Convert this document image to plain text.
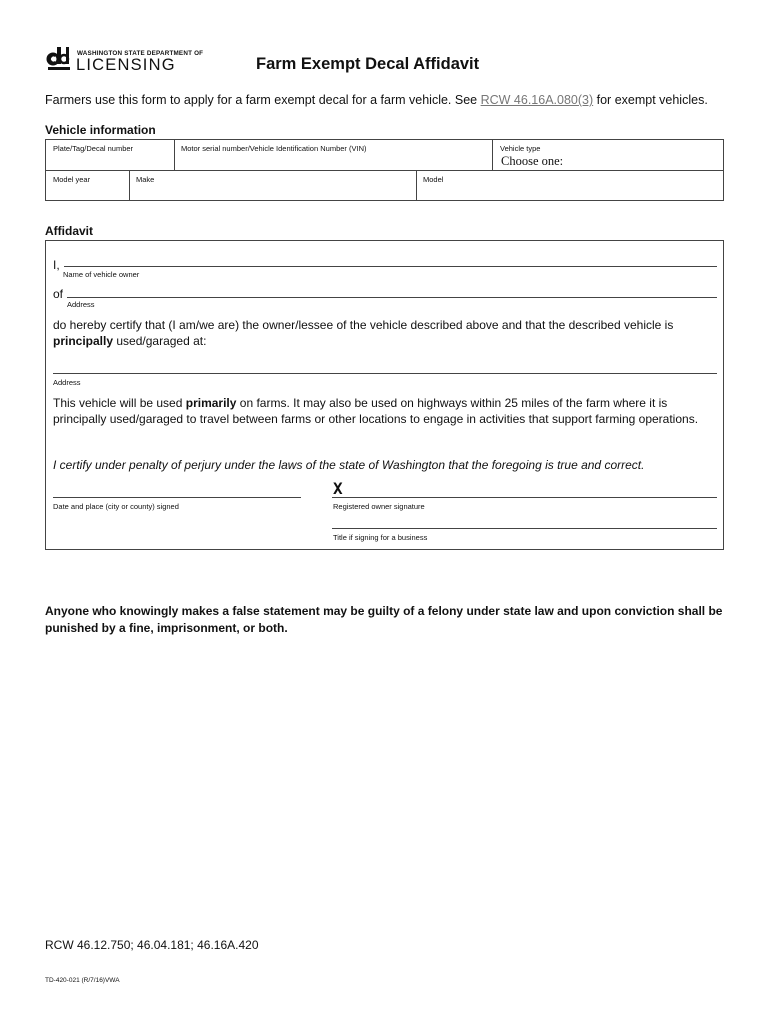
WASHINGTON STATE DEPARTMENT OF
LICENSING	Farm Exempt Decal Affidavit
Farmers use this form to apply for a farm exempt decal for a farm vehicle. See RCW 46.16A.080(3) for exempt vehicles.
Vehicle information
Plate/Tag/Decal number	Motor serial number/Vehicle Identification Number (VIN)	Vehicle type
Choose one:
Model year	Make	Model
Affidavit
I,
Name of vehicle owner
of
Address
do hereby certify that (I am/we are) the owner/lessee of the vehicle described above and that the described vehicle is
principally used/garaged at:
Address
This vehicle will be used primarily on farms. It may also be used on highways within 25 miles of the farm where it is
principally used/garaged to travel between farms or other locations to engage in activities that support farming operations.
I certify under penalty of perjury under the laws of the state of Washington that the foregoing is true and correct.
X
Date and place (city or county) signed	Registered owner signature
Title if signing for a business
Anyone who knowingly makes a false statement may be guilty of a felony under state law and upon conviction shall be punished by a fine, imprisonment, or both.
RCW 46.12.750; 46.04.181; 46.16A.420
TD-420-021 (R/7/16)VWA
